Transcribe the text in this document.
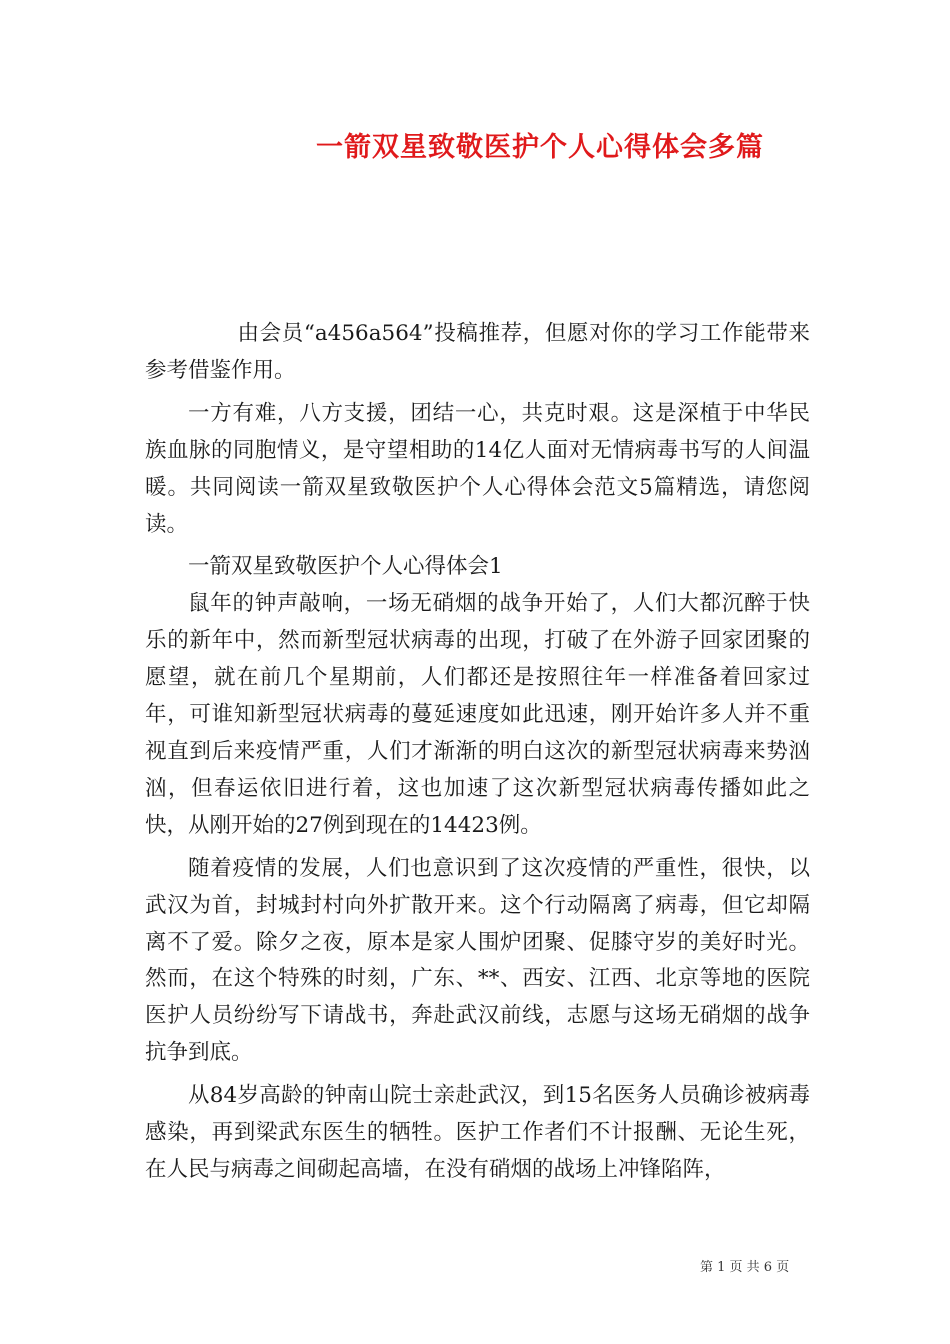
一箭双星致敬医护个人心得体会多篇

由会员“a456a564”投稿推荐，但愿对你的学习工作能带来参考借鉴作用。

一方有难，八方支援，团结一心，共克时艰。这是深植于中华民族血脉的同胞情义，是守望相助的14亿人面对无情病毒书写的人间温暖。共同阅读一箭双星致敬医护个人心得体会范文5篇精选，请您阅读。

一箭双星致敬医护个人心得体会1

鼠年的钟声敲响，一场无硝烟的战争开始了，人们大都沉醉于快乐的新年中，然而新型冠状病毒的出现，打破了在外游子回家团聚的愿望，就在前几个星期前，人们都还是按照往年一样准备着回家过年，可谁知新型冠状病毒的蔓延速度如此迅速，刚开始许多人并不重视直到后来疫情严重，人们才渐渐的明白这次的新型冠状病毒来势汹汹，但春运依旧进行着，这也加速了这次新型冠状病毒传播如此之快，从刚开始的27例到现在的14423例。

随着疫情的发展，人们也意识到了这次疫情的严重性，很快，以武汉为首，封城封村向外扩散开来。这个行动隔离了病毒，但它却隔离不了爱。除夕之夜，原本是家人围炉团聚、促膝守岁的美好时光。然而，在这个特殊的时刻，广东、**、西安、江西、北京等地的医院医护人员纷纷写下请战书，奔赴武汉前线，志愿与这场无硝烟的战争抗争到底。

从84岁高龄的钟南山院士亲赴武汉，到15名医务人员确诊被病毒感染，再到梁武东医生的牺牲。医护工作者们不计报酬、无论生死，在人民与病毒之间砌起高墙，在没有硝烟的战场上冲锋陷阵，

第 1 页 共 6 页
